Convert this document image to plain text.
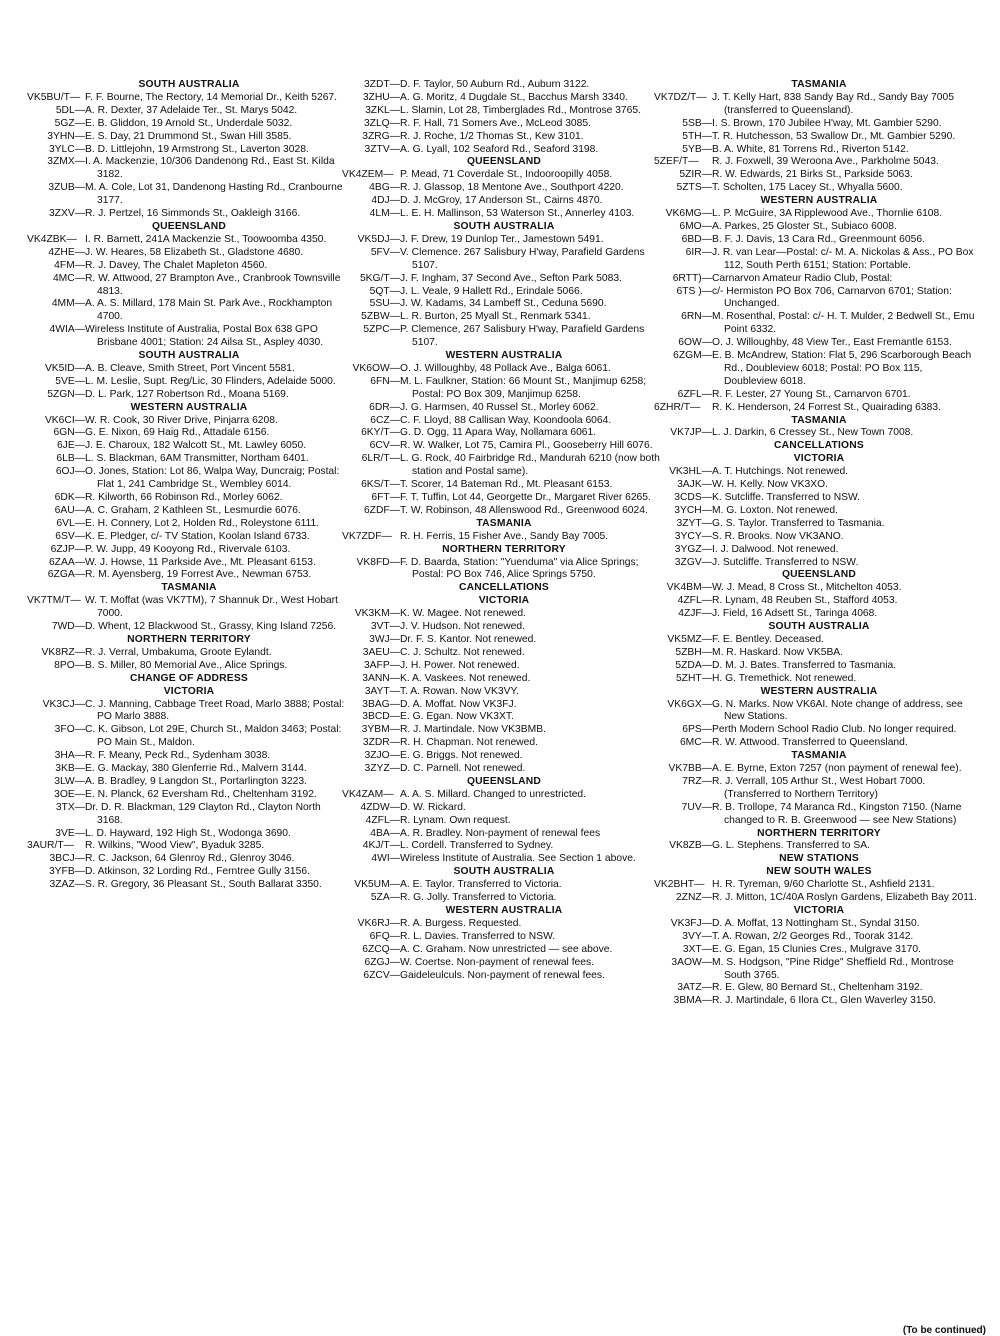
SOUTH AUSTRALIA
VK5BU/T— F. F. Bourne, The Rectory, 14 Memorial Dr., Keith 5267.
5DL— A. R. Dexter, 37 Adelaide Ter., St. Marys 5042.
5GZ— E. B. Gliddon, 19 Arnold St., Underdale 5032.
3YHN— E. S. Day, 21 Drummond St., Swan Hill 3585.
3YLC— B. D. Littlejohn, 19 Armstrong St., Laverton 3028.
3ZMX— I. A. Mackenzie, 10/306 Dandenong Rd., East St. Kilda 3182.
3ZUB— M. A. Cole, Lot 31, Dandenong Hasting Rd., Cranbourne 3177.
3ZXV— R. J. Pertzel, 16 Simmonds St., Oakleigh 3166.
QUEENSLAND
VK4ZBK— I. R. Barnett, 241A Mackenzie St., Toowoomba 4350.
4ZHE— J. W. Heares, 58 Elizabeth St., Gladstone 4680.
4FM— R. J. Davey, The Chalet Mapleton 4560.
4MC— R. W. Attwood, 27 Brampton Ave., Cranbrook Townsville 4813.
4MM— A. A. S. Millard, 178 Main St. Park Ave., Rockhampton 4700.
4WIA— Wireless Institute of Australia, Postal Box 638 GPO Brisbane 4001; Station: 24 Ailsa St., Aspley 4030.
SOUTH AUSTRALIA
VK5ID— A. B. Cleave, Smith Street, Port Vincent 5581.
5VE— L. M. Leslie, Supt. Reg/Lic, 30 Flinders, Adelaide 5000.
5ZGN— D. L. Park, 127 Robertson Rd., Moana 5169.
WESTERN AUSTRALIA
VK6CI— W. R. Cook, 30 River Drive, Pinjarra 6208.
6GN— G. E. Nixon, 69 Haig Rd., Attadale 6156.
6JE— J. E. Charoux, 182 Walcott St., Mt. Lawley 6050.
6LB— L. S. Blackman, 6AM Transmitter, Northam 6401.
6OJ— O. Jones, Station: Lot 86, Walpa Way, Duncraig; Postal: Flat 1, 241 Cambridge St., Wembley 6014.
6DK— R. Kilworth, 66 Robinson Rd., Morley 6062.
6AU— A. C. Graham, 2 Kathleen St., Lesmurdie 6076.
6VL— E. H. Connery, Lot 2, Holden Rd., Roleystone 6111.
6SV— K. E. Pledger, c/- TV Station, Koolan Island 6733.
6ZJP— P. W. Jupp, 49 Kooyong Rd., Rivervale 6103.
6ZAA— W. J. Howse, 11 Parkside Ave., Mt. Pleasant 6153.
6ZGA— R. M. Ayensberg, 19 Forrest Ave., Newman 6753.
TASMANIA
VK7TM/T— W. T. Moffat (was VK7TM), 7 Shannuk Dr., West Hobart 7000.
7WD— D. Whent, 12 Blackwood St., Grassy, King Island 7256.
NORTHERN TERRITORY
VK8RZ— R. J. Verral, Umbakuma, Groote Eylandt.
8PO— B. S. Miller, 80 Memorial Ave., Alice Springs.
CHANGE OF ADDRESS
VICTORIA
VK3CJ— C. J. Manning, Cabbage Treet Road, Marlo 3888; Postal: PO Marlo 3888.
3FO— C. K. Gibson, Lot 29E, Church St., Maldon 3463; Postal: PO Main St., Maldon.
3HA— R. F. Meany, Peck Rd., Sydenham 3038.
3KB— E. G. Mackay, 380 Glenferrie Rd., Malvern 3144.
3LW— A. B. Bradley, 9 Langdon St., Portarlington 3223.
3OE— E. N. Planck, 62 Eversham Rd., Cheltenham 3192.
3TX— Dr. D. R. Blackman, 129 Clayton Rd., Clayton North 3168.
3VE— L. D. Hayward, 192 High St., Wodonga 3690.
3AUR/T—	R. Wilkins, "Wood View", Byaduk 3285.
3BCJ— R. C. Jackson, 64 Glenroy Rd., Glenroy 3046.
3YFB— D. Atkinson, 32 Lording Rd., Ferntree Gully 3156.
3ZAZ— S. R. Gregory, 36 Pleasant St., South Ballarat 3350.
3ZDT— D. F. Taylor, 50 Auburn Rd., Auburn 3122.
3ZHU— A. G. Moritz, 4 Dugdale St., Bacchus Marsh 3340.
3ZKL— L. Slamin, Lot 28, Timberglades Rd., Montrose 3765.
3ZLQ— R. F. Hall, 71 Somers Ave., McLeod 3085.
3ZRG— R. J. Roche, 1/2 Thomas St., Kew 3101.
3ZTV— A. G. Lyall, 102 Seaford Rd., Seaford 3198.
QUEENSLAND
VK4ZEM— P. Mead, 71 Coverdale St., Indooroopilly 4058.
4BG— R. J. Glassop, 18 Mentone Ave., Southport 4220.
4DJ— D. J. McGroy, 17 Anderson St., Cairns 4870.
4LM— L. E. H. Mallinson, 53 Waterson St., Annerley 4103.
SOUTH AUSTRALIA
VK5DJ— J. F. Drew, 19 Dunlop Ter., Jamestown 5491.
5FV— V. Clemence. 267 Salisbury H'way, Parafield Gardens 5107.
5KG/T— J. F. Ingham, 37 Second Ave., Sefton Park 5083.
5QT— J. L. Veale, 9 Hallett Rd., Erindale 5066.
5SU— J. W. Kadams, 34 Lambeff St., Ceduna 5690.
5ZBW— L. R. Burton, 25 Myall St., Renmark 5341.
5ZPC— P. Clemence, 267 Salisbury H'way, Parafield Gardens 5107.
WESTERN AUSTRALIA
VK6OW— O. J. Willoughby, 48 Pollack Ave., Balga 6061.
6FN— M. L. Faulkner, Station: 66 Mount St., Manjimup 6258; Postal: PO Box 309, Manjimup 6258.
6DR— J. G. Harmsen, 40 Russel St., Morley 6062.
6CZ— C. F. Lloyd, 88 Callisan Way, Koondoola 6064.
6KY/T— G. D. Ogg, 11 Apara Way, Nollamara 6061.
6CV— R. W. Walker, Lot 75, Camira Pl., Gooseberry Hill 6076.
6LR/T— L. G. Rock, 40 Fairbridge Rd., Mandurah 6210 (now both station and Postal same).
6KS/T— T. Scorer, 14 Bateman Rd., Mt. Pleasant 6153.
6FT— F. T. Tuffin, Lot 44, Georgette Dr., Margaret River 6265.
6ZDF— T. W. Robinson, 48 Allenswood Rd., Greenwood 6024.
TASMANIA
VK7ZDF— R. H. Ferris, 15 Fisher Ave., Sandy Bay 7005.
NORTHERN TERRITORY
VK8FD— F. D. Baarda, Station: "Yuenduma" via Alice Springs; Postal: PO Box 746, Alice Springs 5750.
CANCELLATIONS
VICTORIA
VK3KM— K. W. Magee. Not renewed.
3VT— J. V. Hudson. Not renewed.
3WJ— Dr. F. S. Kantor. Not renewed.
3AEU— C. J. Schultz. Not renewed.
3AFP— J. H. Power. Not renewed.
3ANN— K. A. Vaskees. Not renewed.
3AYT— T. A. Rowan. Now VK3VY.
3BAG— D. A. Moffat. Now VK3FJ.
3BCD— E. G. Egan. Now VK3XT.
3YBM— R. J. Martindale. Now VK3BMB.
3ZDR— R. H. Chapman. Not renewed.
3ZJO— E. G. Briggs. Not renewed.
3ZYZ— D. C. Parnell. Not renewed.
QUEENSLAND
VK4ZAM— A. A. S. Millard. Changed to unrestricted.
4ZDW— D. W. Rickard.
4ZFL— R. Lynam. Own request.
4BA— A. R. Bradley. Non-payment of renewal fees
4KJ/T— L. Cordell. Transferred to Sydney.
4WI— Wireless Institute of Australia. See Section 1 above.
SOUTH AUSTRALIA
VK5UM— A. E. Taylor. Transferred to Victoria.
5ZA— R. G. Jolly. Transferred to Victoria.
WESTERN AUSTRALIA
VK6RJ— R. A. Burgess. Requested.
6FQ— R. L. Davies. Transferred to NSW.
6ZCQ— A. C. Graham. Now unrestricted — see above.
6ZGJ— W. Coertse. Non-payment of renewal fees.
6ZCV— Gaideleulculs. Non-payment of renewal fees.
TASMANIA
VK7DZ/T— J. T. Kelly Hart, 838 Sandy Bay Rd., Sandy Bay 7005 (transferred to Queensland).
5SB— I. S. Brown, 170 Jubilee H'way, Mt. Gambier 5290.
5TH— T. R. Hutchesson, 53 Swallow Dr., Mt. Gambier 5290.
5YB— B. A. White, 81 Torrens Rd., Riverton 5142.
5ZEF/T—	R. J. Foxwell, 39 Weroona Ave., Parkholme 5043.
5ZIR— R. W. Edwards, 21 Birks St., Parkside 5063.
5ZTS— T. Scholten, 175 Lacey St., Whyalla 5600.
WESTERN AUSTRALIA
VK6MG— L. P. McGuire, 3A Ripplewood Ave., Thornlie 6108.
6MO— A. Parkes, 25 Gloster St., Subiaco 6008.
6BD— B. F. J. Davis, 13 Cara Rd., Greenmount 6056.
6IR— J. R. van Lear—Postal: c/- M. A. Nickolas & Ass., PO Box 112, South Perth 6151; Station: Portable.
6RTT)— Carnarvon Amateur Radio Club, Postal:
6TS )— c/- Hermiston PO Box 706, Carnarvon 6701; Station: Unchanged.
6RN— M. Rosenthal, Postal: c/- H. T. Mulder, 2 Bedwell St., Emu Point 6332.
6OW— O. J. Willoughby, 48 View Ter., East Fremantle 6153.
6ZGM— E. B. McAndrew, Station: Flat 5, 296 Scarborough Beach Rd., Doubleview 6018; Postal: PO Box 115, Doubleview 6018.
6ZFL— R. F. Lester, 27 Young St., Carnarvon 6701.
6ZHR/T—	R. K. Henderson, 24 Forrest St., Quairading 6383.
TASMANIA
VK7JP— L. J. Darkin, 6 Cressey St., New Town 7008.
CANCELLATIONS
VICTORIA
VK3HL— A. T. Hutchings. Not renewed.
3AJK— W. H. Kelly. Now VK3XO.
3CDS— K. Sutcliffe. Transferred to NSW.
3YCH— M. G. Loxton. Not renewed.
3ZYT— G. S. Taylor. Transferred to Tasmania.
3YCY— S. R. Brooks. Now VK3ANO.
3YGZ— I. J. Dalwood. Not renewed.
3ZGV— J. Sutcliffe. Transferred to NSW.
QUEENSLAND
VK4BM— W. J. Mead, 8 Cross St., Mitchelton 4053.
4ZFL— R. Lynam, 48 Reuben St., Stafford 4053.
4ZJF— J. Field, 16 Adsett St., Taringa 4068.
SOUTH AUSTRALIA
VK5MZ— F. E. Bentley. Deceased.
5ZBH— M. R. Haskard. Now VK5BA.
5ZDA— D. M. J. Bates. Transferred to Tasmania.
5ZHT— H. G. Tremethick. Not renewed.
WESTERN AUSTRALIA
VK6GX— G. N. Marks. Now VK6AI. Note change of address, see New Stations.
6PS— Perth Modern School Radio Club. No longer required.
6MC— R. W. Attwood. Transferred to Queensland.
TASMANIA
VK7BB— A. E. Byrne, Exton 7257 (non payment of renewal fee).
7RZ— R. J. Verrall, 105 Arthur St., West Hobart 7000. (Transferred to Northern Territory)
7UV— R. B. Trollope, 74 Maranca Rd., Kingston 7150. (Name changed to R. B. Greenwood — see New Stations)
NORTHERN TERRITORY
VK8ZB— G. L. Stephens. Transferred to SA.
NEW STATIONS
NEW SOUTH WALES
VK2BHT— H. R. Tyreman, 9/60 Charlotte St., Ashfield 2131.
2ZNZ— R. J. Mitton, 1C/40A Roslyn Gardens, Elizabeth Bay 2011.
VICTORIA
VK3FJ— D. A. Moffat, 13 Nottingham St., Syndal 3150.
3VY— T. A. Rowan, 2/2 Georges Rd., Toorak 3142.
3XT— E. G. Egan, 15 Clunies Cres., Mulgrave 3170.
3AOW— M. S. Hodgson, "Pine Ridge" Sheffield Rd., Montrose South 3765.
3ATZ— R. E. Glew, 80 Bernard St., Cheltenham 3192.
3BMA— R. J. Martindale, 6 Ilora Ct., Glen Waverley 3150.
(To be continued)
